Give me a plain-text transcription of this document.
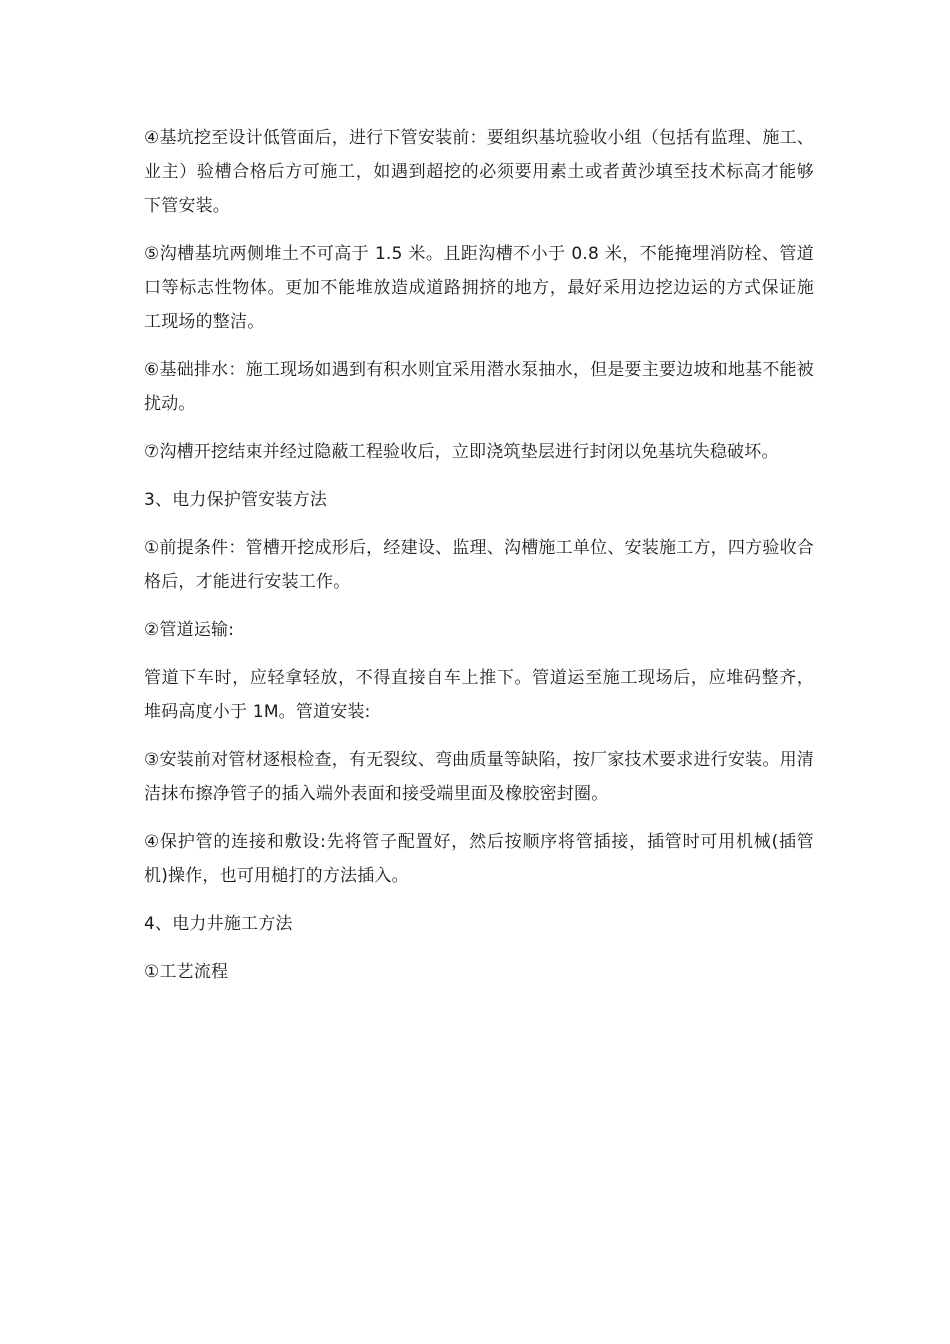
④基坑挖至设计低管面后，进行下管安装前：要组织基坑验收小组（包括有监理、施工、业主）验槽合格后方可施工，如遇到超挖的必须要用素土或者黄沙填至技术标高才能够下管安装。

⑤沟槽基坑两侧堆土不可高于 1.5 米。且距沟槽不小于 0.8 米，不能掩埋消防栓、管道口等标志性物体。更加不能堆放造成道路拥挤的地方，最好采用边挖边运的方式保证施工现场的整洁。

⑥基础排水：施工现场如遇到有积水则宜采用潜水泵抽水，但是要主要边坡和地基不能被扰动。

⑦沟槽开挖结束并经过隐蔽工程验收后，立即浇筑垫层进行封闭以免基坑失稳破坏。

3、电力保护管安装方法

①前提条件：管槽开挖成形后，经建设、监理、沟槽施工单位、安装施工方，四方验收合格后，才能进行安装工作。

②管道运输:

管道下车时，应轻拿轻放，不得直接自车上推下。管道运至施工现场后，应堆码整齐，堆码高度小于 1M。管道安装:

③安装前对管材逐根检查，有无裂纹、弯曲质量等缺陷，按厂家技术要求进行安装。用清洁抹布擦净管子的插入端外表面和接受端里面及橡胶密封圈。

④保护管的连接和敷设:先将管子配置好，然后按顺序将管插接，插管时可用机械(插管机)操作，也可用槌打的方法插入。

4、电力井施工方法

①工艺流程
